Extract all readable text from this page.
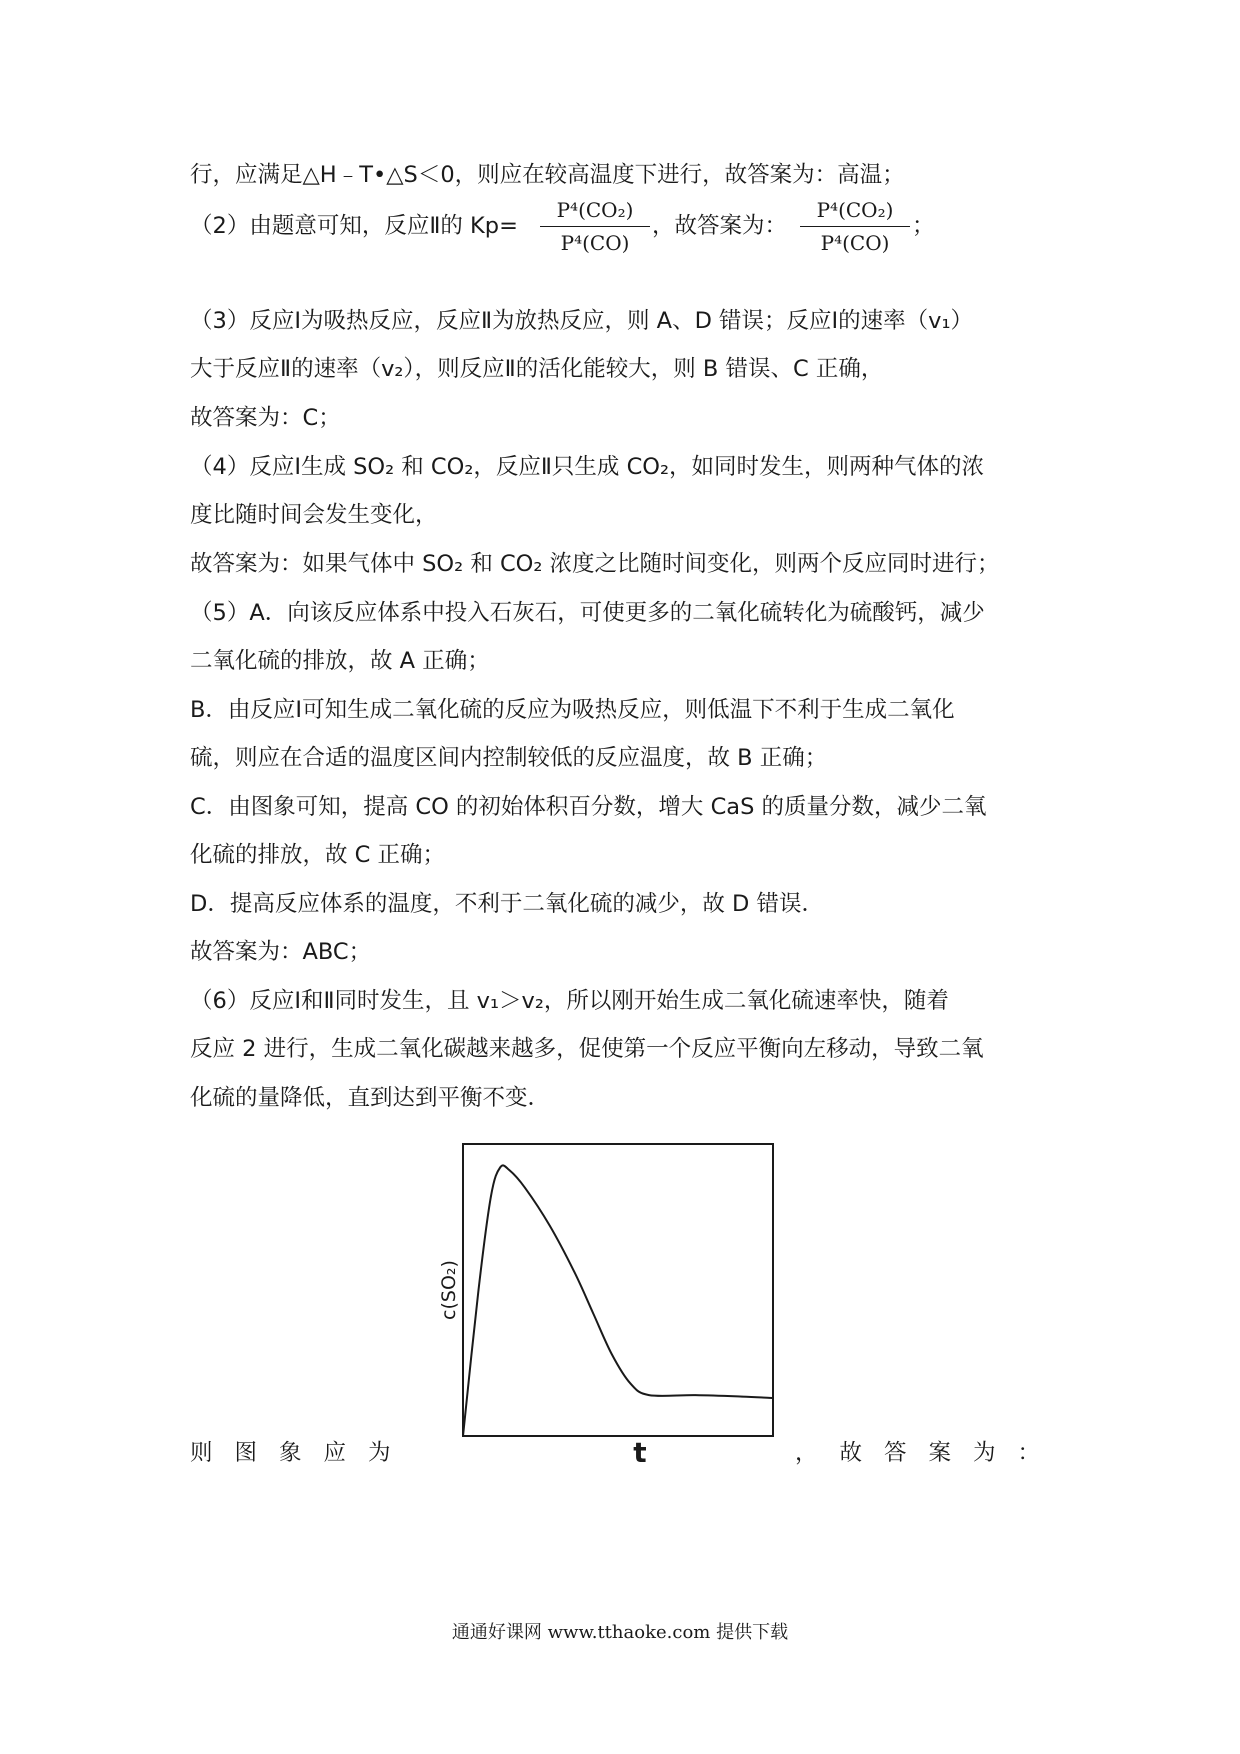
行，应满足△H﹣T•△S＜0，则应在较高温度下进行，故答案为：高温；
（2）由题意可知，反应Ⅱ的 Kp=
P⁴(CO₂)
P⁴(CO)
，故答案为：
P⁴(CO₂)
P⁴(CO)
；
（3）反应Ⅰ为吸热反应，反应Ⅱ为放热反应，则 A、D 错误；反应Ⅰ的速率（v₁）
大于反应Ⅱ的速率（v₂），则反应Ⅱ的活化能较大，则 B 错误、C 正确，
故答案为：C；
（4）反应Ⅰ生成 SO₂ 和 CO₂，反应Ⅱ只生成 CO₂，如同时发生，则两种气体的浓
度比随时间会发生变化，
故答案为：如果气体中 SO₂ 和 CO₂ 浓度之比随时间变化，则两个反应同时进行；
（5）A．向该反应体系中投入石灰石，可使更多的二氧化硫转化为硫酸钙，减少
二氧化硫的排放，故 A 正确；
B．由反应Ⅰ可知生成二氧化硫的反应为吸热反应，则低温下不利于生成二氧化
硫，则应在合适的温度区间内控制较低的反应温度，故 B 正确；
C．由图象可知，提高 CO 的初始体积百分数，增大 CaS 的质量分数，减少二氧
化硫的排放，故 C 正确；
D．提高反应体系的温度，不利于二氧化硫的减少，故 D 错误．
故答案为：ABC；
（6）反应Ⅰ和Ⅱ同时发生，且 v₁＞v₂，所以刚开始生成二氧化硫速率快，随着
反应 2 进行，生成二氧化碳越来越多，促使第一个反应平衡向左移动，导致二氧
化硫的量降低，直到达到平衡不变．
c(SO₂)
t
则图象应为	，故答案为：
通通好课网 www.tthaoke.com 提供下载
